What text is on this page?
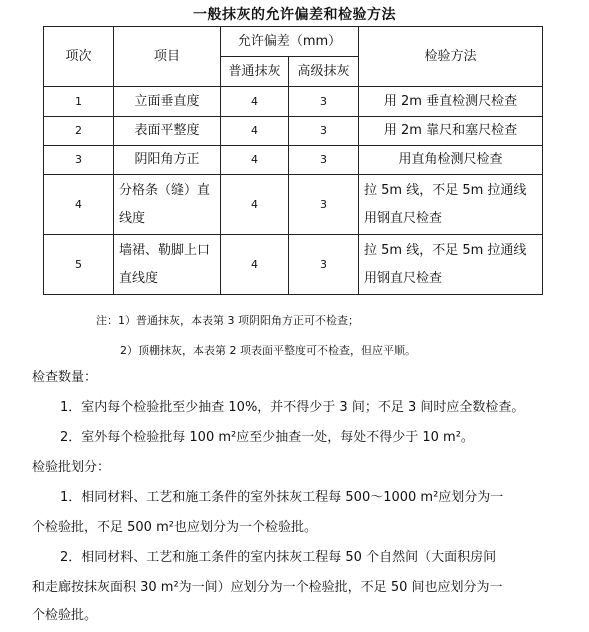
一般抹灰的允许偏差和检验方法
项次	项目	允许偏差（mm）		检验方法
		普通抹灰	高级抹灰	
1	立面垂直度	4	3	用 2m 垂直检测尺检查
2	表面平整度	4	3	用 2m 靠尺和塞尺检查
3	阴阳角方正	4	3	用直角检测尺检查
4	分格条（缝）直线度	4	3	拉 5m 线，不足 5m 拉通线用钢直尺检查
5	墙裙、勒脚上口直线度	4	3	拉 5m 线，不足 5m 拉通线用钢直尺检查
注：1）普通抹灰，本表第 3 项阴阳角方正可不检查；
2）顶棚抹灰，本表第 2 项表面平整度可不检查，但应平顺。
检查数量：
1．室内每个检验批至少抽查 10%，并不得少于 3 间；不足 3 间时应全数检查。
2．室外每个检验批每 100 m²应至少抽查一处，每处不得少于 10 m²。
检验批划分：
1．相同材料、工艺和施工条件的室外抹灰工程每 500～1000 m²应划分为一
个检验批，不足 500 m²也应划分为一个检验批。
2．相同材料、工艺和施工条件的室内抹灰工程每 50 个自然间（大面积房间
和走廊按抹灰面积 30 m²为一间）应划分为一个检验批，不足 50 间也应划分为一
个检验批。
